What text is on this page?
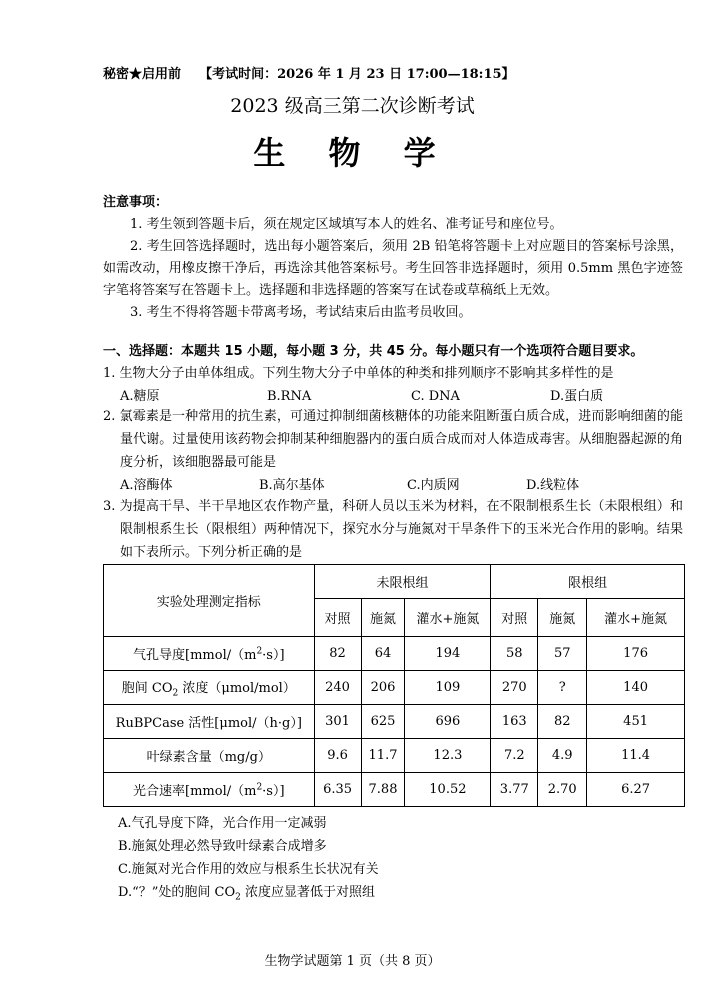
秘密★启用前 【考试时间：2026 年 1 月 23 日 17:00—18:15】
2023 级高三第二次诊断考试
生 物 学
注意事项：

1. 考生领到答题卡后，须在规定区域填写本人的姓名、准考证号和座位号。

2. 考生回答选择题时，选出每小题答案后，须用 2B 铅笔将答题卡上对应题目的答案标号涂黑，如需改动，用橡皮擦干净后，再选涂其他答案标号。考生回答非选择题时，须用 0.5mm 黑色字迹签字笔将答案写在答题卡上。选择题和非选择题的答案写在试卷或草稿纸上无效。

3. 考生不得将答题卡带离考场，考试结束后由监考员收回。

一、选择题：本题共 15 小题，每小题 3 分，共 45 分。每小题只有一个选项符合题目要求。
1. 生物大分子由单体组成。下列生物大分子中单体的种类和排列顺序不影响其多样性的是
A.糖原	B.RNA	C. DNA	D.蛋白质
2. 氯霉素是一种常用的抗生素，可通过抑制细菌核糖体的功能来阻断蛋白质合成，进而影响细菌的能量代谢。过量使用该药物会抑制某种细胞器内的蛋白质合成而对人体造成毒害。从细胞器起源的角度分析，该细胞器最可能是
A.溶酶体	B.高尔基体	C.内质网	D.线粒体
3. 为提高干旱、半干旱地区农作物产量，科研人员以玉米为材料，在不限制根系生长（未限根组）和限制根系生长（限根组）两种情况下，探究水分与施氮对干旱条件下的玉米光合作用的影响。结果如下表所示。下列分析正确的是
实验处理测定指标	未限根组			限根组		
	对照	施氮	灌水+施氮	对照	施氮	灌水+施氮
气孔导度$[mmol/(m^2\cdot s)]$	82	64	194	58	57	176
胞间 $CO_2$ 浓度（μmol/mol）	240	206	109	270	?	140
RuBPCase 活性[μmol/（h·g）]	301	625	696	163	82	451
叶绿素含量（mg/g）	9.6	11.7	12.3	7.2	4.9	11.4
光合速率$[mmol/(m^2\cdot s)]$	6.35	7.88	10.52	3.77	2.70	6.27
A.气孔导度下降，光合作用一定减弱
B.施氮处理必然导致叶绿素合成增多
C.施氮对光合作用的效应与根系生长状况有关
D.“？”处的胞间 $CO_2$ 浓度应显著低于对照组
生物学试题第 1 页（共 8 页）
